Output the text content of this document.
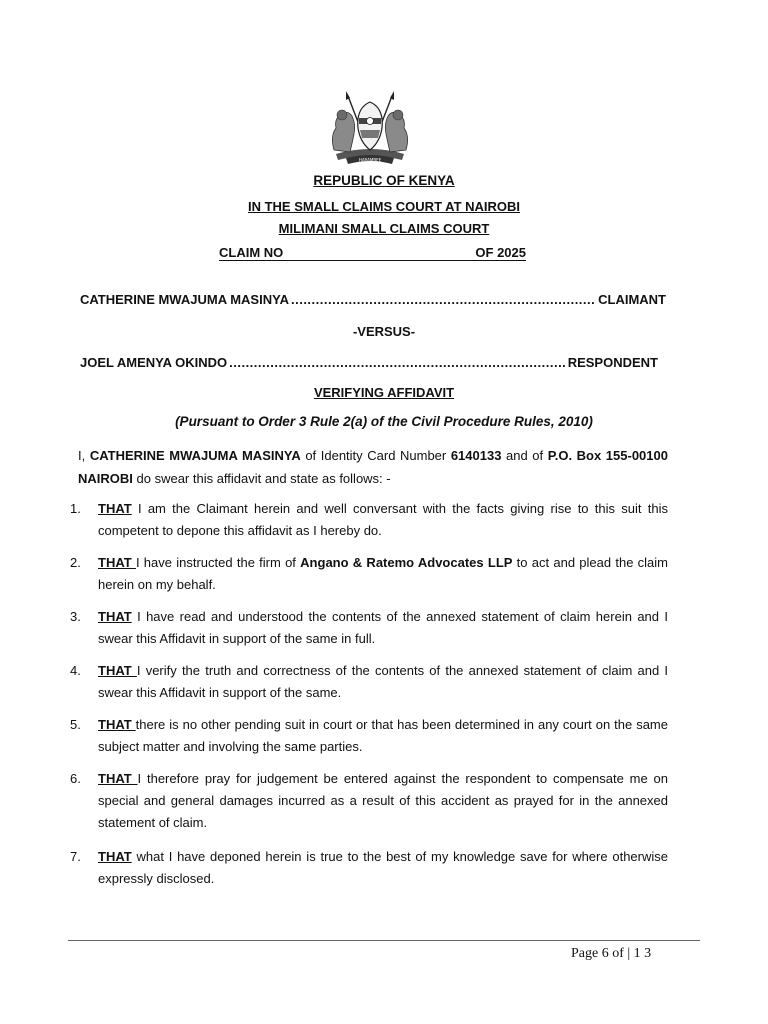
HARAMBEE
REPUBLIC OF KENYA
IN THE SMALL CLAIMS COURT AT NAIROBI
MILIMANI SMALL CLAIMS COURT
CLAIM NO	OF 2025
CATHERINE MWAJUMA MASINYA .....	CLAIMANT
-VERSUS-
JOEL AMENYA OKINDO .....	RESPONDENT
VERIFYING AFFIDAVIT
(Pursuant to Order 3 Rule 2(a) of the Civil Procedure Rules, 2010)
I, CATHERINE MWAJUMA MASINYA of Identity Card Number 6140133 and of P.O. Box 155-00100 NAIROBI do swear this affidavit and state as follows: -
1.	THAT I am the Claimant herein and well conversant with the facts giving rise to this suit this competent to depone this affidavit as I hereby do.
2.	THAT I have instructed the firm of Angano & Ratemo Advocates LLP to act and plead the claim herein on my behalf.
3.	THAT I have read and understood the contents of the annexed statement of claim herein and I swear this Affidavit in support of the same in full.
4.	THAT I verify the truth and correctness of the contents of the annexed statement of claim and I swear this Affidavit in support of the same.
5.	THAT there is no other pending suit in court or that has been determined in any court on the same subject matter and involving the same parties.
6.	THAT I therefore pray for judgement be entered against the respondent to compensate me on special and general damages incurred as a result of this accident as prayed for in the annexed statement of claim.
7.	THAT what I have deponed herein is true to the best of my knowledge save for where otherwise expressly disclosed.
Page 6 of | 1 3
